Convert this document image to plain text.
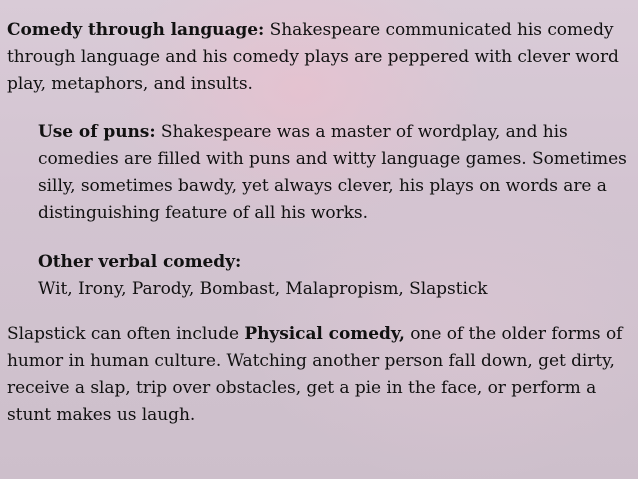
Comedy through language: Shakespeare communicated his comedy through language and his comedy plays are peppered with clever word play, metaphors, and insults.

Use of puns: Shakespeare was a master of wordplay, and his comedies are filled with puns and witty language games. Sometimes silly, sometimes bawdy, yet always clever, his plays on words are a distinguishing feature of all his works.

Other verbal comedy:
Wit, Irony, Parody, Bombast, Malapropism, Slapstick

Slapstick can often include Physical comedy, one of the older forms of humor in human culture. Watching another person fall down, get dirty, receive a slap, trip over obstacles, get a pie in the face, or perform a stunt makes us laugh.
